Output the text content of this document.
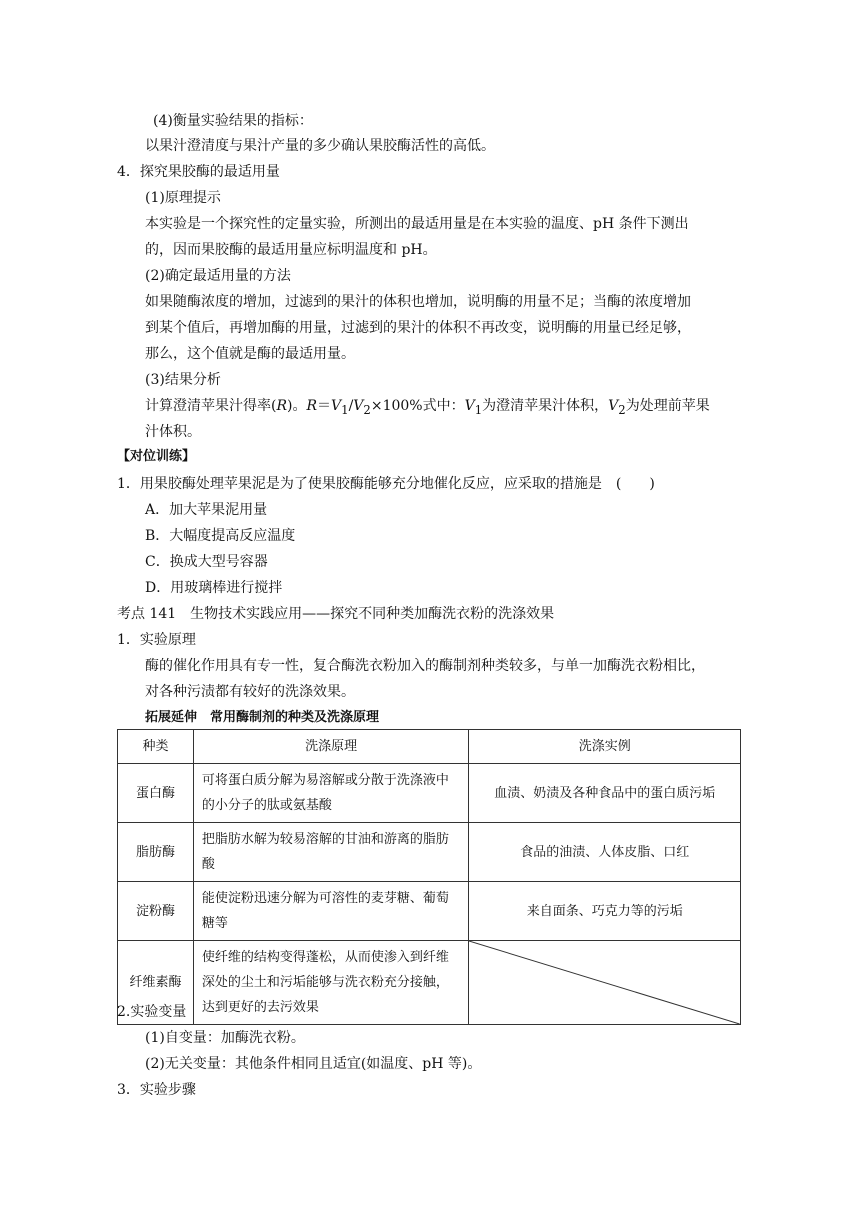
(4)衡量实验结果的指标：
以果汁澄清度与果汁产量的多少确认果胶酶活性的高低。
4．探究果胶酶的最适用量
(1)原理提示
本实验是一个探究性的定量实验，所测出的最适用量是在本实验的温度、pH 条件下测出
的，因而果胶酶的最适用量应标明温度和 pH。
(2)确定最适用量的方法
如果随酶浓度的增加，过滤到的果汁的体积也增加，说明酶的用量不足；当酶的浓度增加
到某个值后，再增加酶的用量，过滤到的果汁的体积不再改变，说明酶的用量已经足够，
那么，这个值就是酶的最适用量。
(3)结果分析
计算澄清苹果汁得率(R)。$R=V_1/V_2\times 100\%$式中：$V_1$为澄清苹果汁体积，$V_2$为处理前苹果
汁体积。
【对位训练】
1．用果胶酶处理苹果泥是为了使果胶酶能够充分地催化反应，应采取的措施是　(　　)
A．加大苹果泥用量
B．大幅度提高反应温度
C．换成大型号容器
D．用玻璃棒进行搅拌
考点 141　生物技术实践应用——探究不同种类加酶洗衣粉的洗涤效果
1．实验原理
酶的催化作用具有专一性，复合酶洗衣粉加入的酶制剂种类较多，与单一加酶洗衣粉相比，
对各种污渍都有较好的洗涤效果。
拓展延伸　常用酶制剂的种类及洗涤原理
种类	洗涤原理	洗涤实例
蛋白酶	可将蛋白质分解为易溶解或分散于洗涤液中的小分子的肽或氨基酸	血渍、奶渍及各种食品中的蛋白质污垢
脂肪酶	把脂肪水解为较易溶解的甘油和游离的脂肪酸	食品的油渍、人体皮脂、口红
淀粉酶	能使淀粉迅速分解为可溶性的麦芽糖、葡萄糖等	来自面条、巧克力等的污垢
纤维素酶	使纤维的结构变得蓬松，从而使渗入到纤维深处的尘土和污垢能够与洗衣粉充分接触，达到更好的去污效果	
2.实验变量
(1)自变量：加酶洗衣粉。
(2)无关变量：其他条件相同且适宜(如温度、pH 等)。
3．实验步骤
